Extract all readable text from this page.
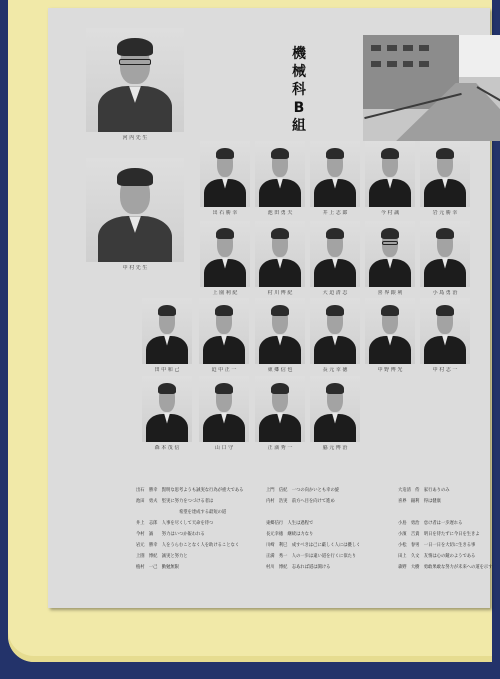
河 内 先 生
中 村 先 生
機
械
科
B
組
出石　勝幸　賢明な思考ようも誠実な行為が重大である	上門　信紀　一つの向かいとも幸の旋	大迫清　侍　家行ありのみ
池田　勇夫　堅実に努力をつづける者は	内村　浩実　前方へ目を向けて進め	喜界　銀利　得は健康
　　　　　　　　　　希望を達成する最短の道
井上　志郎　人事を尽くして天命を待つ	東郷信行　人生は過程で	小島　勇治　怠け者は一歩遅れる
今村　誠　　努力はいつか報われる	長元幸徳　継続は力なり	小濱　吉貴　明日を待たずに今日を生きよ
岩元　勝幸　人をうらむことなく人を助けることなく	川崎　利巳　成すべきは己に厳しく人には優しく	小松　春男　一日一日を大切に生きる事
上園　博紀　誠実と努力と	正満　秀一　人の一歩は遠い道を行くに似たり	田上　久文　友情は心の鏡のようである
植村　一己　勤勉無限	村川　博紀　志あれば道は開ける	森野　大樹　勇敢果敢な努力が未来への道を示す
出 石 勝 幸	池 田 勇 夫	井 上 志 郎	今 村 誠	岩 元 勝 幸
上 園 利 紀	村 川 博 紀	大 迫 清 志	喜 界 銀 利	小 島 勇 治
田 中 和 己	迫 中 正 一	東 郷 信 也	長 元 幸 徳	中 野 博 光	中 村 志 一
森 本 茂 信	山 口 守	正 満 秀 一	脇 元 博 治
